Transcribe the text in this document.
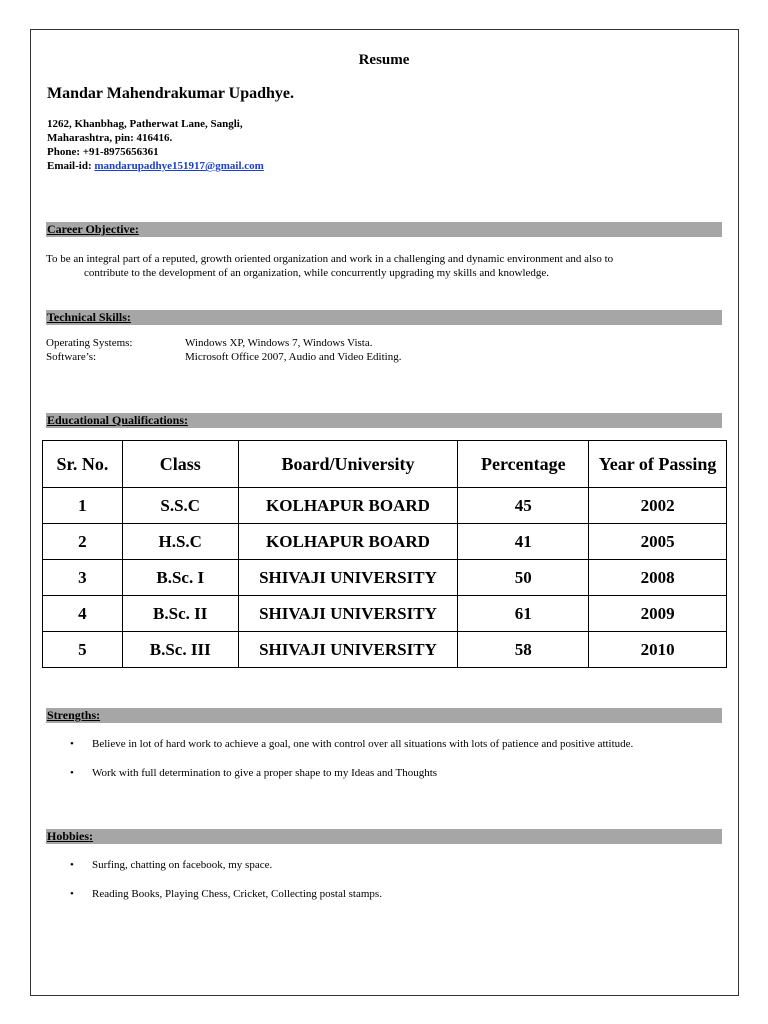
Resume
Mandar Mahendrakumar Upadhye.
1262, Khanbhag, Patherwat Lane, Sangli,
Maharashtra, pin: 416416.
Phone: +91-8975656361
Email-id: mandarupadhye151917@gmail.com
Career Objective:
To be an integral part of a reputed, growth oriented organization and work in a challenging and dynamic environment and also to
contribute to the development of an organization, while concurrently upgrading my skills and knowledge.
Technical Skills:
Operating Systems:	Windows XP, Windows 7, Windows Vista.
Software’s:	Microsoft Office 2007, Audio and Video Editing.
Educational Qualifications:
Sr. No.	Class	Board/University	Percentage	Year of Passing
1	S.S.C	KOLHAPUR BOARD	45	2002
2	H.S.C	KOLHAPUR BOARD	41	2005
3	B.Sc. I	SHIVAJI UNIVERSITY	50	2008
4	B.Sc. II	SHIVAJI UNIVERSITY	61	2009
5	B.Sc. III	SHIVAJI UNIVERSITY	58	2010
Strengths:
• Believe in lot of hard work to achieve a goal, one with control over all situations with lots of patience and positive attitude.
• Work with full determination to give a proper shape to my Ideas and Thoughts
Hobbies:
• Surfing, chatting on facebook, my space.
• Reading Books, Playing Chess, Cricket, Collecting postal stamps.
